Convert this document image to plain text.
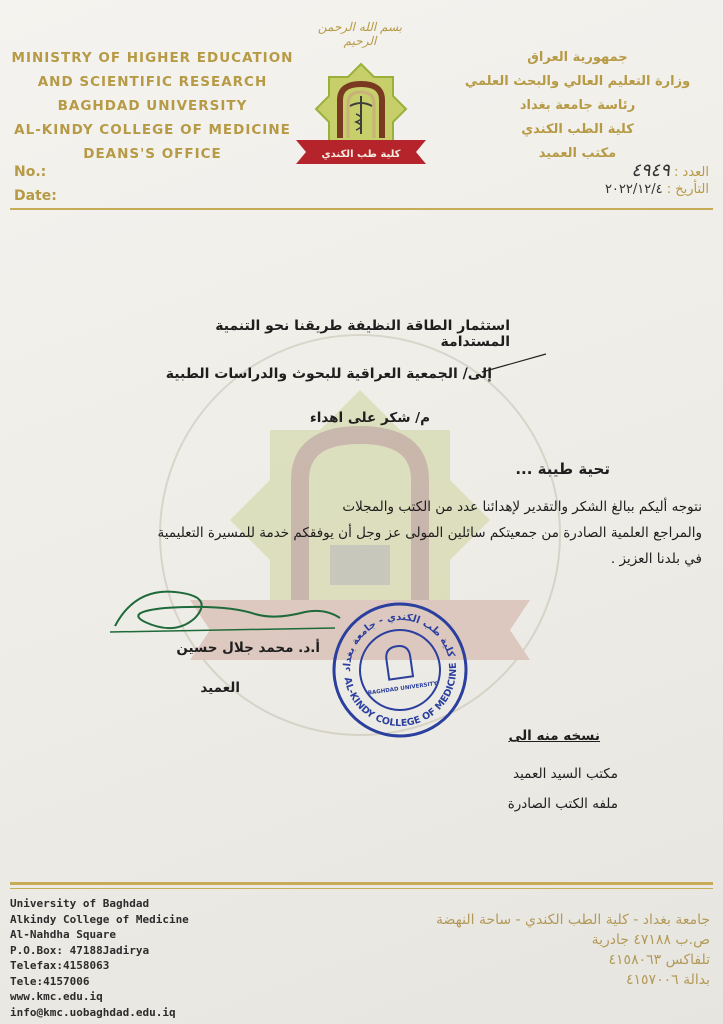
بسم الله الرحمن الرحيم
MINISTRY OF HIGHER EDUCATION
AND SCIENTIFIC RESEARCH
BAGHDAD UNIVERSITY
AL-KINDY COLLEGE OF MEDICINE
DEANS'S OFFICE
جمهورية العراق
وزارة التعليم العالي والبحث العلمي
رئاسة جامعة بغداد
كلية الطب الكندي
مكتب العميد
كلية طب الكندي
No.:
Date:
العدد : ٤٩٤٩
التأريخ : ٢٠٢٢/١٢/٤
استثمار الطاقة النظيفة طريقنا نحو التنمية المستدامة
إلى/ الجمعية العراقية للبحوث والدراسات الطبية
م/ شكر على اهداء
تحية طيبة ...
نتوجه أليكم ببالغ الشكر والتقدير لإهدائنا عدد من الكتب والمجلات
والمراجع العلمية الصادرة من جمعيتكم سائلين المولى عز وجل أن يوفقكم خدمة للمسيرة التعليمية
في بلدنا العزيز .
أ.د. محمد جلال حسين
العميد
كلية طب الكندي - جامعة بغداد
AL-KINDY COLLEGE OF MEDICINE
BAGHDAD UNIVERSITY
نسخه منه الى
مكتب السيد العميد
ملفه الكتب الصادرة
University of Baghdad
Alkindy College of Medicine
Al-Nahdha Square
P.O.Box: 47188Jadirya
Telefax:4158063
Tele:4157006
www.kmc.edu.iq
info@kmc.uobaghdad.edu.iq
جامعة بغداد - كلية الطب الكندي - ساحة النهضة
ص.ب ٤٧١٨٨ جادرية
تلفاكس ٤١٥٨٠٦٣
بدالة ٤١٥٧٠٠٦
